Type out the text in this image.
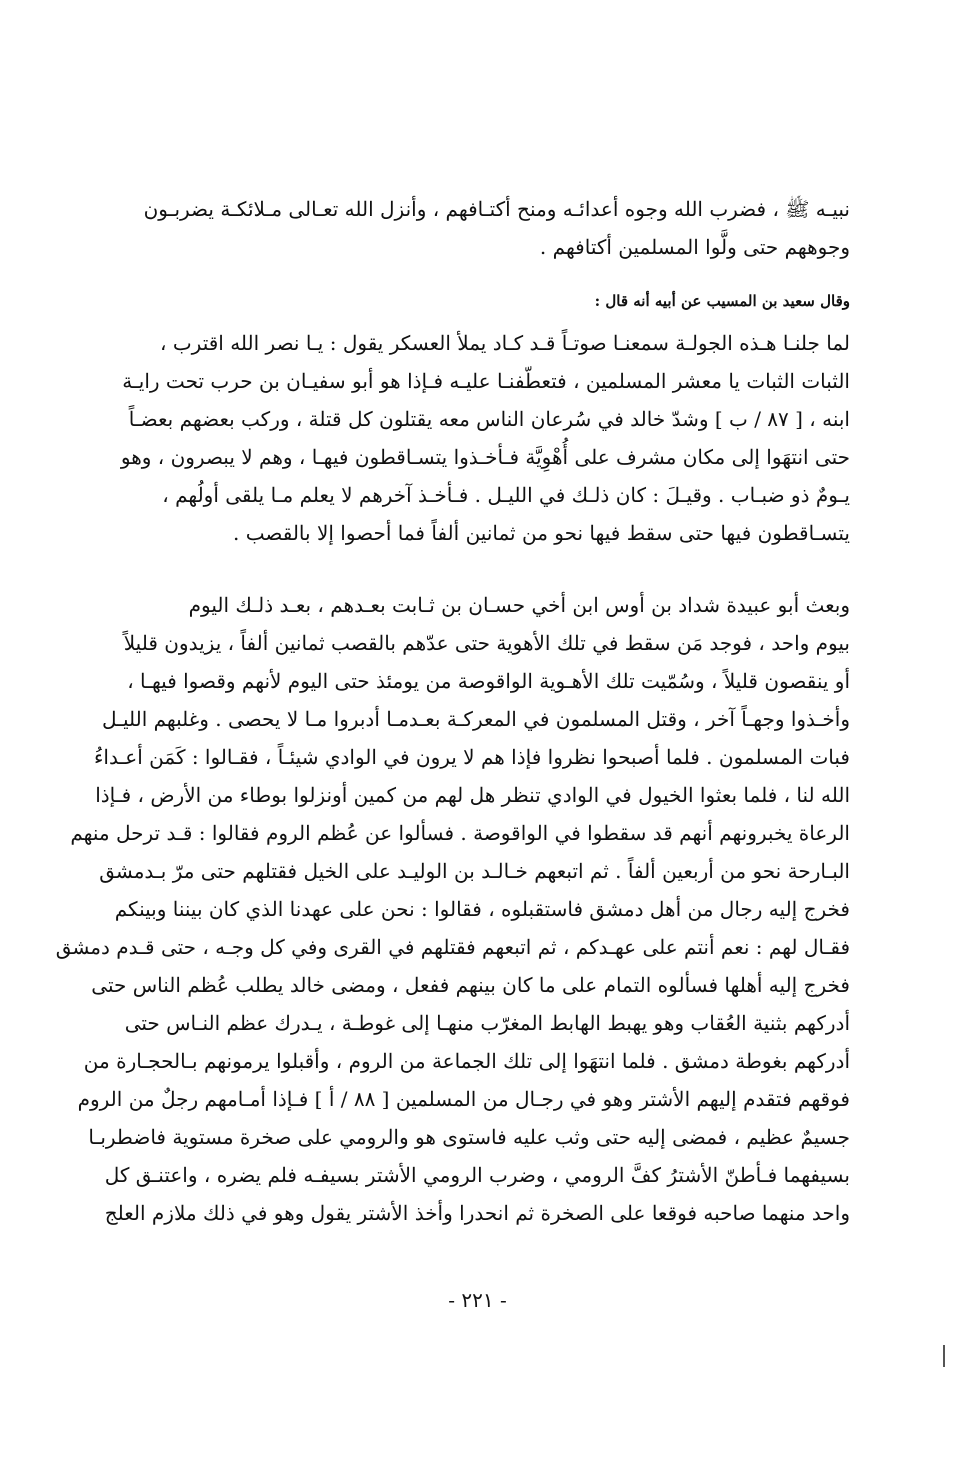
نبيـه ﷺ ، فضرب الله وجوه أعدائـه ومنح أكتـافهم ، وأنزل الله تعـالى مـلائكـة يضربـون
وجوههم حتى ولَّوا المسلمين أكتافهم .
وقال سعيد بن المسيب عن أبيه أنه قال :
لما جلنـا هـذه الجولـة سمعنـا صوتـاً قـد كـاد يملأ العسكر يقول : يـا نصر الله اقترب ،
الثبات الثبات يا معشر المسلمين ، فتعطّفنـا عليـه فـإذا هو أبو سفيـان بن حرب تحت رايـة
ابنه ، [ ٨٧ / ب ] وشدّ خالد في سُرعان الناس معه يقتلون كل قتلة ، وركب بعضهم بعضـاً
حتى انتهَوا إلى مكان مشرف على أُهْوِيَّة فـأخـذوا يتسـاقطون فيهـا ، وهم لا يبصرون ، وهو
يـومٌ ذو ضبـاب . وقيـلَ : كان ذلـك في الليـل . فـأخـذ آخرهم لا يعلم مـا يلقى أولُهم ،
يتسـاقطون فيها حتى سقط فيها نحو من ثمانين ألفاً فما أحصوا إلا بالقصب .
وبعث أبو عبيدة شداد بن أوس ابن أخي حسـان بن ثـابت بعـدهم ، بعـد ذلـك اليوم
بيوم واحد ، فوجد مَن سقط في تلك الأهوية حتى عدّهم بالقصب ثمانين ألفاً ، يزيدون قليلاً
أو ينقصون قليلاً ، وسُمّيت تلك الأهـوية الواقوصة من يومئذ حتى اليوم لأنهم وقصوا فيهـا ،
وأخـذوا وجهـاً آخر ، وقتل المسلمون في المعركـة بعـدمـا أدبروا مـا لا يحصى . وغلبهم الليـل
فبات المسلمون . فلما أصبحوا نظروا فإذا هم لا يرون في الوادي شيئـاً ، فقـالوا : كَمَن أعـداءُ
الله لنا ، فلما بعثوا الخيول في الوادي تنظر هل لهم من كمين أونزلوا بوطاء من الأرض ، فـإذا
الرعاة يخبرونهم أنهم قد سقطوا في الواقوصة . فسألوا عن عُظم الروم فقالوا : قـد ترحل منهم
البـارحة نحو من أربعين ألفاً . ثم اتبعهم خـالـد بن الوليـد على الخيل فقتلهم حتى مرّ بـدمشق
فخرج إليه رجال من أهل دمشق فاستقبلوه ، فقالوا : نحن على عهدنا الذي كان بيننا وبينكم
فقـال لهم : نعم أنتم على عهـدكم ، ثم اتبعهم فقتلهم في القرى وفي كل وجـه ، حتى قـدم دمشق
فخرج إليه أهلها فسألوه التمام على ما كان بينهم ففعل ، ومضى خالد يطلب عُظم الناس حتى
أدركهم بثنية العُقاب وهو يهبط الهابط المغرّب منهـا إلى غوطـة ، يـدرك عظم النـاس حتى
أدركهم بغوطة دمشق . فلما انتهَوا إلى تلك الجماعة من الروم ، وأقبلوا يرمونهم بـالحجـارة من
فوقهم فتقدم إليهم الأشتر وهو في رجـال من المسلمين [ ٨٨ / أ ] فـإذا أمـامهم رجلٌ من الروم
جسيمٌ عظيم ، فمضى إليه حتى وثب عليه فاستوى هو والرومي على صخرة مستوية فاضطربـا
بسيفهما فـأطنّ الأشترُ كفَّ الرومي ، وضرب الرومي الأشتر بسيفـه فلم يضره ، واعتنـق كل
واحد منهما صاحبه فوقعا على الصخرة ثم انحدرا وأخذ الأشتر يقول وهو في ذلك ملازم العلج
- ٢٢١ -
